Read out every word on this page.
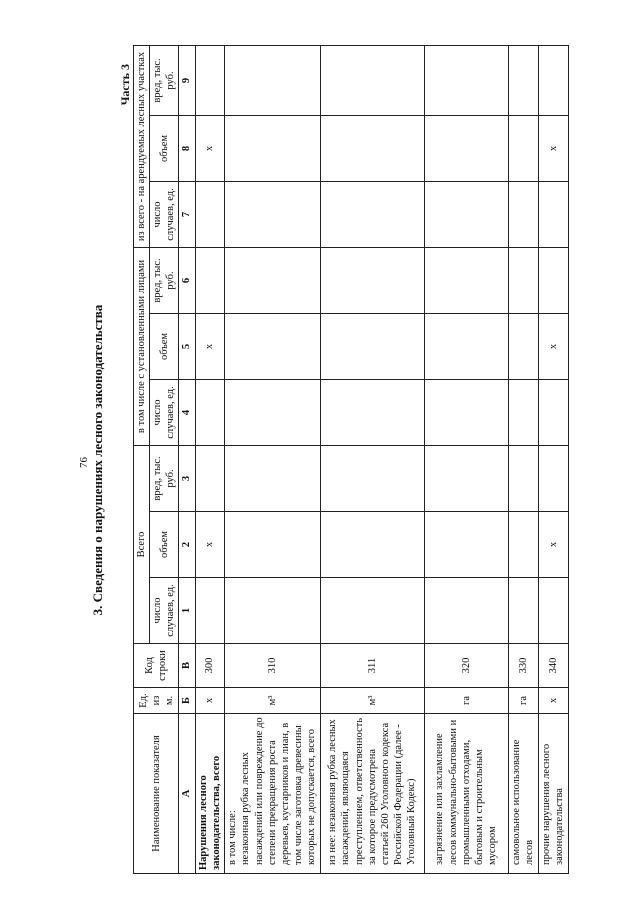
76 3. Сведения о нарушениях лесного законодательства
Часть 3
Наименование показателя	Ед. из м.	Код строки	Всего			в том числе с установленными лицами			из всего - на арендуемых лесных участках		
			число случаев, ед.	объем	вред, тыс. руб.	число случаев, ед.	объем	вред, тыс. руб.	число случаев, ед.	объем	вред, тыс. руб.
А	Б	В	1	2	3	4	5	6	7	8	9
Нарушения лесного законодательства, всего	х	300		х			х			х	
в том числе:
незаконная рубка лесных насаждений или повреждение до степени прекращения роста деревьев, кустарников и лиан, в том числе заготовка древесины которых не допускается, всего	м³	310									
из нее: незаконная рубка лесных насаждений, являющаяся преступлением, ответственность за которое предусмотрена статьей 260 Уголовного кодекса Российской Федерации (далее - Уголовный Кодекс)	м³	311									
загрязнение или захламление лесов коммунально-бытовыми и промышленными отходами, бытовым и строительным мусором	га	320									
самовольное использование лесов	га	330									
прочие нарушения лесного законодательства	х	340		х			х			х	
